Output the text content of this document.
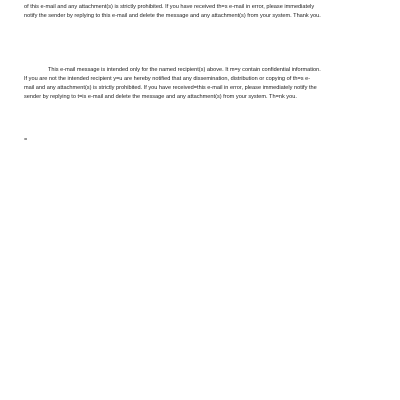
of this e-mail and any attachment(s) is strictly prohibited. If you have received th=s e-mail in error, please immediately
notify the sender by replying to this e-mail and delete the message and any attachment(s) from your system. Thank you.
This e-mail message is intended only for the named recipient(s) above. It m=y contain confidential information.
If you are not the intended recipient y=u are hereby notified that any dissemination, distribution or copying of th=s e-
mail and any attachment(s) is strictly prohibited. If you have received=this e-mail in error, please immediately notify the
sender by replying to t=is e-mail and delete the message and any attachment(s) from your system. Th=nk you.
=
